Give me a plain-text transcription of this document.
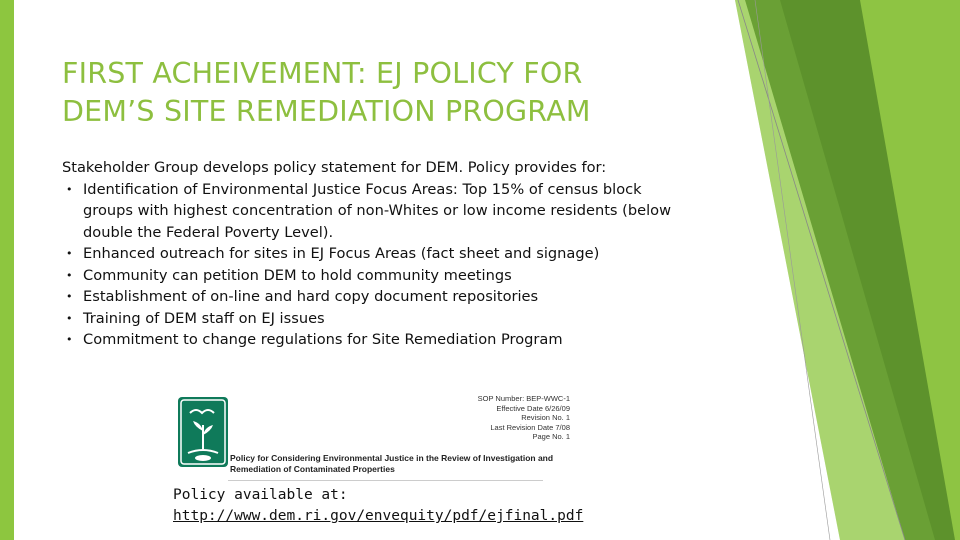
FIRST ACHEIVEMENT: EJ POLICY FOR
DEM’S SITE REMEDIATION PROGRAM

Stakeholder Group develops policy statement for DEM. Policy provides for:

• Identification of Environmental Justice Focus Areas: Top 15% of census block groups with highest concentration of non-Whites or low income residents (below double the Federal Poverty Level).
• Enhanced outreach for sites in EJ Focus Areas (fact sheet and signage)
• Community can petition DEM to hold community meetings
• Establishment of on-line and hard copy document repositories
• Training of DEM staff on EJ issues
• Commitment to change regulations for Site Remediation Program
SOP Number: BEP-WWC-1
Effective Date 6/26/09
Revision No. 1
Last Revision Date 7/08
Page No. 1
Policy for Considering Environmental Justice in the Review of Investigation and Remediation of Contaminated Properties
Policy available at:
http://www.dem.ri.gov/envequity/pdf/ejfinal.pdf
